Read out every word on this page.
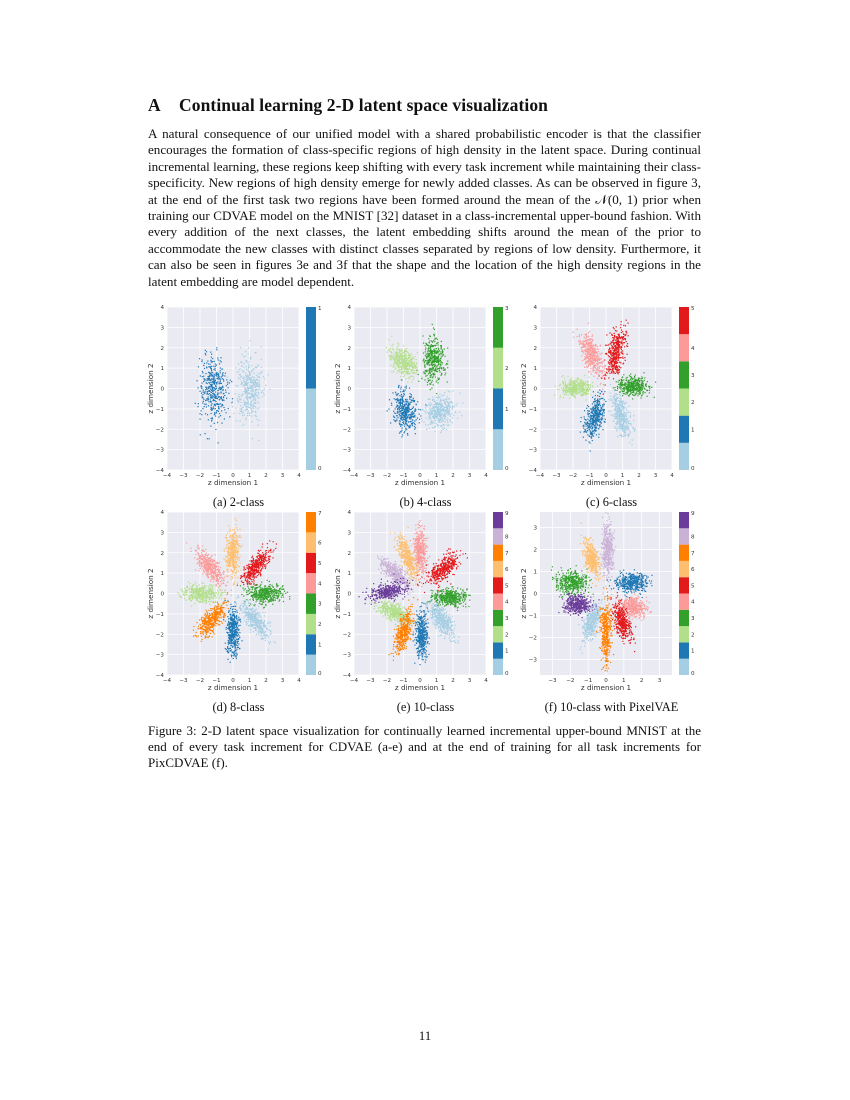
A Continual learning 2-D latent space visualization

A natural consequence of our unified model with a shared probabilistic encoder is that the classifier encourages the formation of class-specific regions of high density in the latent space. During continual incremental learning, these regions keep shifting with every task increment while maintaining their class-specificity. New regions of high density emerge for newly added classes. As can be observed in figure 3, at the end of the first task two regions have been formed around the mean of the 𝒩(0, 1) prior when training our CDVAE model on the MNIST [32] dataset in a class-incremental upper-bound fashion. With every addition of the next classes, the latent embedding shifts around the mean of the prior to accommodate the new classes with distinct classes separated by regions of low density. Furthermore, it can also be seen in figures 3e and 3f that the shape and the location of the high density regions in the latent embedding are model dependent.

−4 −3 −2 −1 0 1 2 3 4
−4
−3
−2
−1
0
1
2
3
4
z dimension 1
z dimension 2
0
1
(a) 2-class
−4 −3 −2 −1 0 1 2 3 4
−4
−3
−2
−1
0
1
2
3
4
z dimension 1
z dimension 2
0
1
2
3
(b) 4-class
−4 −3 −2 −1 0 1 2 3 4
−4
−3
−2
−1
0
1
2
3
4
z dimension 1
z dimension 2
0
1
2
3
4
5
(c) 6-class
−4 −3 −2 −1 0 1 2 3 4
−4
−3
−2
−1
0
1
2
3
4
z dimension 1
z dimension 2
0
1
2
3
4
5
6
7
(d) 8-class
−4 −3 −2 −1 0 1 2 3 4
−4
−3
−2
−1
0
1
2
3
4
z dimension 1
z dimension 2
0
1
2
3
4
5
6
7
8
9
(e) 10-class
−3 −2 −1 0	1	2	3
−3
−2
−1
0
1
2
3
z dimension 1
z dimension 2
0
1
2
3
4
5
6
7
8
9
(f) 10-class with PixelVAE

Figure 3: 2-D latent space visualization for continually learned incremental upper-bound MNIST at the end of every task increment for CDVAE (a-e) and at the end of training for all task increments for PixCDVAE (f).

11
